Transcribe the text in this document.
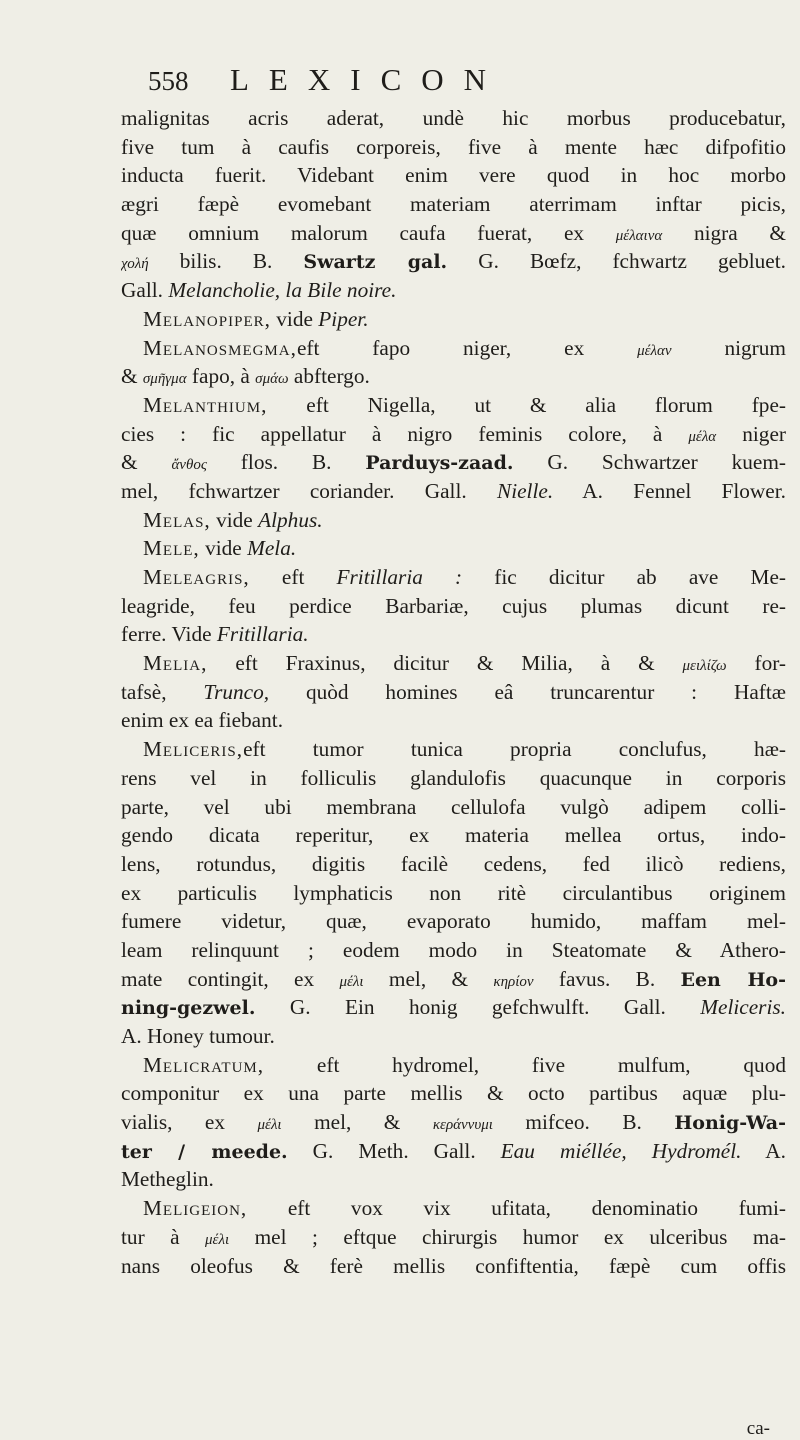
558 LEXICON
malignitas acris aderat, undè hic morbus producebatur,
five tum à caufis corporeis, five à mente hæc difpofitio
inducta fuerit. Videbant enim vere quod in hoc morbo
ægri fæpè evomebant materiam aterrimam inftar picis,
quæ omnium malorum caufa fuerat, ex μέλαινα nigra &
χολή bilis. B. Swartz gal. G. Bœfz, fchwartz gebluet.
Gall. Melancholie, la Bile noire.
Melanopiper, vide Piper.
Melanosmegma,eft fapo niger, ex μέλαν nigrum
& σμῆγμα fapo, à σμάω abftergo.
Melanthium, eft Nigella, ut & alia florum fpe-
cies : fic appellatur à nigro feminis colore, à μέλα niger
& ἄνθος flos. B. Parduys-zaad. G. Schwartzer kuem-
mel, fchwartzer coriander. Gall. Nielle. A. Fennel Flower.
Melas, vide Alphus.
Mele, vide Mela.
Meleagris, eft Fritillaria : fic dicitur ab ave Me-
leagride, feu perdice Barbariæ, cujus plumas dicunt re-
ferre. Vide Fritillaria.
Melia, eft Fraxinus, dicitur & Milia, à & μειλίζω for-
tafsè, Trunco, quòd homines eâ truncarentur : Haftæ
enim ex ea fiebant.
Meliceris,eft tumor tunica propria conclufus, hæ-
rens vel in folliculis glandulofis quacunque in corporis
parte, vel ubi membrana cellulofa vulgò adipem colli-
gendo dicata reperitur, ex materia mellea ortus, indo-
lens, rotundus, digitis facilè cedens, fed ilicò rediens,
ex particulis lymphaticis non ritè circulantibus originem
fumere videtur, quæ, evaporato humido, maffam mel-
leam relinquunt ; eodem modo in Steatomate & Athero-
mate contingit, ex μέλι mel, & κηρίον favus. B. Een Ho-
ning-gezwel. G. Ein honig gefchwulft. Gall. Meliceris.
A. Honey tumour.
Melicratum, eft hydromel, five mulfum, quod
componitur ex una parte mellis & octo partibus aquæ plu-
vialis, ex μέλι mel, & κεράννυμι mifceo. B. Honig-Wa-
ter / meede. G. Meth. Gall. Eau miéllée, Hydromél. A.
Metheglin.
Meligeion, eft vox vix ufitata, denominatio fumi-
tur à μέλι mel ; eftque chirurgis humor ex ulceribus ma-
nans oleofus & ferè mellis confiftentia, fæpè cum offis
ca-
